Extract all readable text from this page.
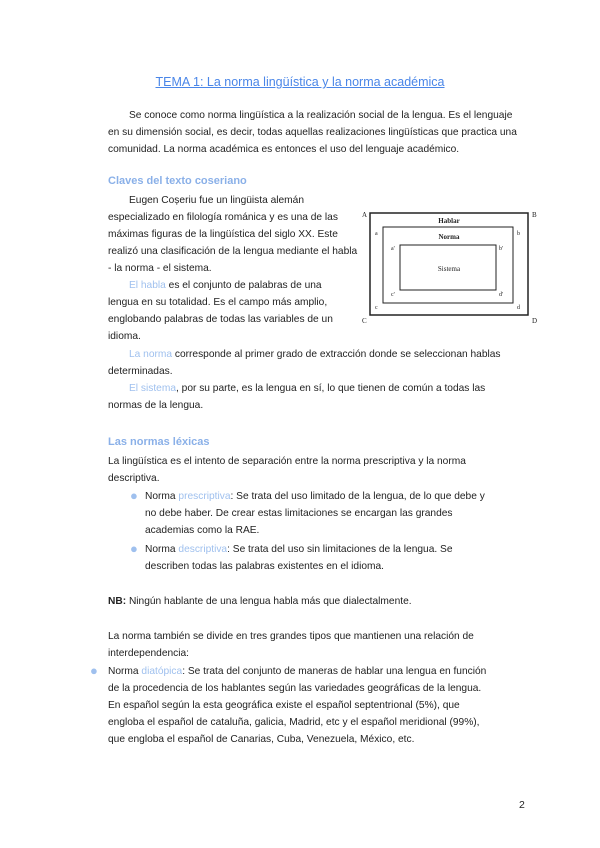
TEMA 1: La norma lingüística y la norma académica
Se conoce como norma lingüística a la realización social de la lengua. Es el lenguaje
en su dimensión social, es decir, todas aquellas realizaciones lingüísticas que practica una
comunidad. La norma académica es entonces el uso del lenguaje académico.
Claves del texto coseriano
Eugen Coșeriu fue un lingüista alemán
especializado en filología románica y es una de las
máximas figuras de la lingüística del siglo XX. Este
realizó una clasificación de la lengua mediante el habla
- la norma - el sistema.
El habla es el conjunto de palabras de una
lengua en su totalidad. Es el campo más amplio,
englobando palabras de todas las variables de un
idioma.
La norma corresponde al primer grado de extracción donde se seleccionan hablas
determinadas.
El sistema, por su parte, es la lengua en sí, lo que tienen de común a todas las
normas de la lengua.
A	B
C	D
Hablar
Norma
Sistema
a	b
c	d
a'	b'
c'	d'
Las normas léxicas
La lingüística es el intento de separación entre la norma prescriptiva y la norma
descriptiva.
● Norma prescriptiva: Se trata del uso limitado de la lengua, de lo que debe y
no debe haber. De crear estas limitaciones se encargan las grandes
academias como la RAE.
● Norma descriptiva: Se trata del uso sin limitaciones de la lengua. Se
describen todas las palabras existentes en el idioma.
NB: Ningún hablante de una lengua habla más que dialectalmente.
La norma también se divide en tres grandes tipos que mantienen una relación de
interdependencia:
● Norma diatópica: Se trata del conjunto de maneras de hablar una lengua en función
de la procedencia de los hablantes según las variedades geográficas de la lengua.
En español según la esta geográfica existe el español septentrional (5%), que
engloba el español de cataluña, galicia, Madrid, etc y el español meridional (99%),
que engloba el español de Canarias, Cuba, Venezuela, México, etc.
2
